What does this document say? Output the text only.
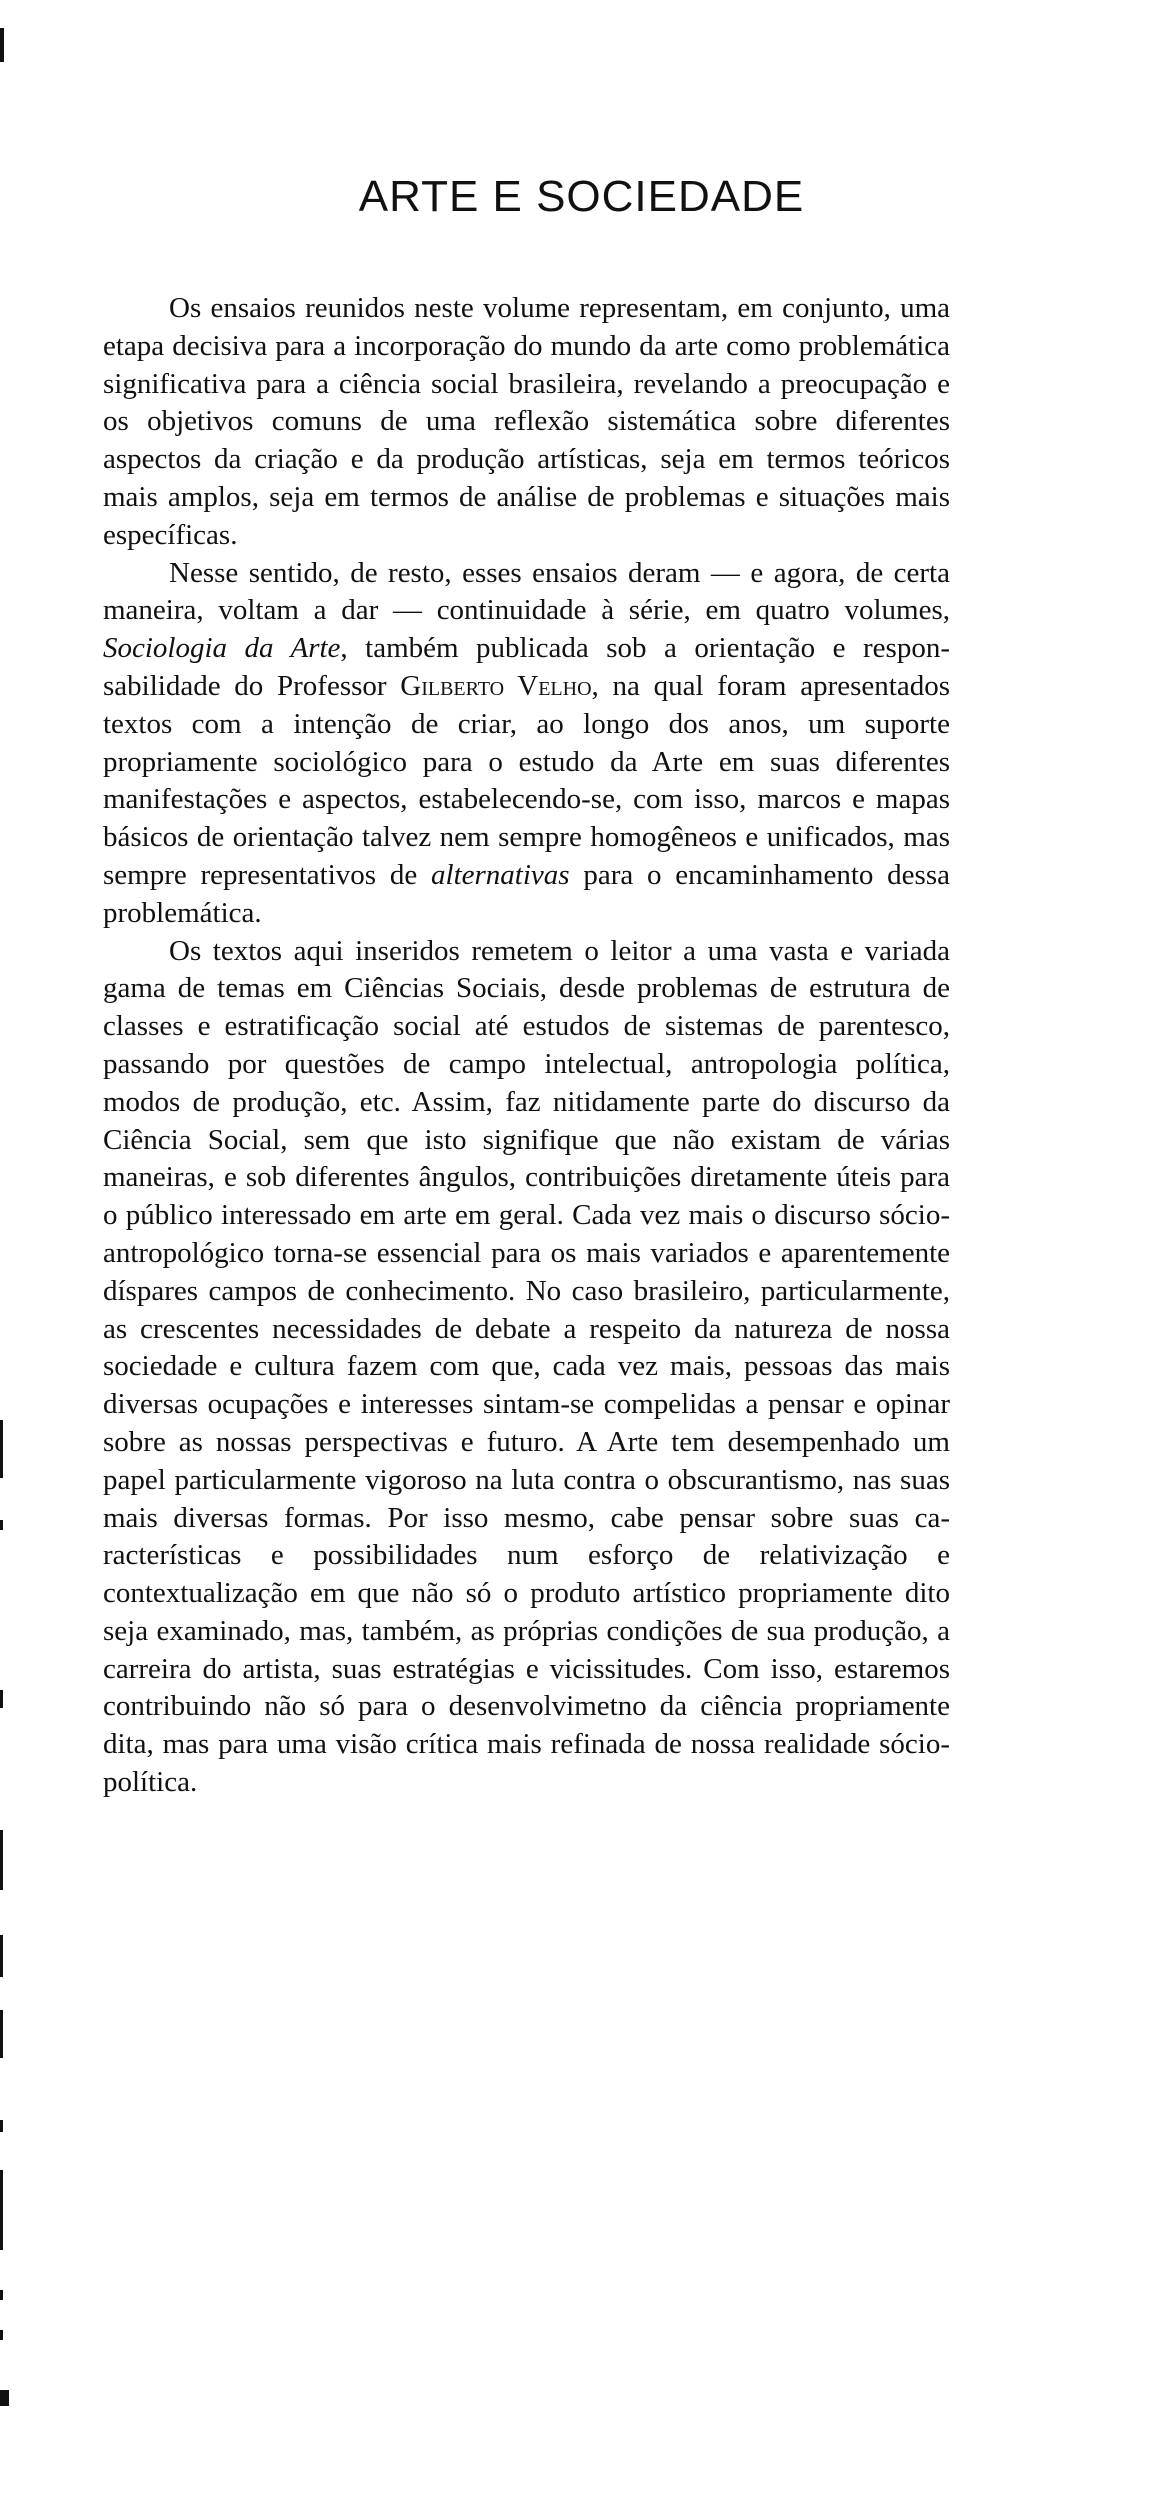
ARTE E SOCIEDADE

Os ensaios reunidos neste volume representam, em conjunto, uma etapa decisiva para a incorporação do mundo da arte como problemática significativa para a ciência social brasileira, revelando a preocupação e os objetivos comuns de uma reflexão sistemática sobre diferentes aspectos da criação e da produção artísticas, seja em termos teóricos mais amplos, seja em termos de análise de problemas e situações mais específicas.

Nesse sentido, de resto, esses ensaios deram — e agora, de certa maneira, voltam a dar — continuidade à série, em quatro volumes, Sociologia da Arte, também publicada sob a orientação e responsabilidade do Professor Gilberto Velho, na qual foram apresentados textos com a intenção de criar, ao longo dos anos, um suporte propriamente sociológico para o estudo da Arte em suas diferentes manifestações e aspectos, estabelecendo-se, com isso, marcos e mapas básicos de orientação talvez nem sempre homogêneos e unificados, mas sempre representativos de alternativas para o encaminhamento dessa problemática.

Os textos aqui inseridos remetem o leitor a uma vasta e variada gama de temas em Ciências Sociais, desde problemas de estrutura de classes e estratificação social até estudos de sistemas de parentesco, passando por questões de campo intelectual, antropologia política, modos de produção, etc. Assim, faz nitidamente parte do discurso da Ciência Social, sem que isto signifique que não existam de várias maneiras, e sob diferentes ângulos, contribuições diretamente úteis para o público interessado em arte em geral. Cada vez mais o discurso sócio-antropológico torna-se essencial para os mais variados e aparentemente díspares campos de conhecimento. No caso brasileiro, particularmente, as crescentes necessidades de debate a respeito da natureza de nossa sociedade e cultura fazem com que, cada vez mais, pessoas das mais diversas ocupações e interesses sintam-se compelidas a pensar e opinar sobre as nossas perspectivas e futuro. A Arte tem desempenhado um papel particularmente vigoroso na luta contra o obscurantismo, nas suas mais diversas formas. Por isso mesmo, cabe pensar sobre suas características e possibilidades num esforço de relativização e contextualização em que não só o produto artístico propriamente dito seja examinado, mas, também, as próprias condições de sua produção, a carreira do artista, suas estratégias e vicissitudes. Com isso, estaremos contribuindo não só para o desenvolvimetno da ciência propriamente dita, mas para uma visão crítica mais refinada de nossa realidade sócio-política.
